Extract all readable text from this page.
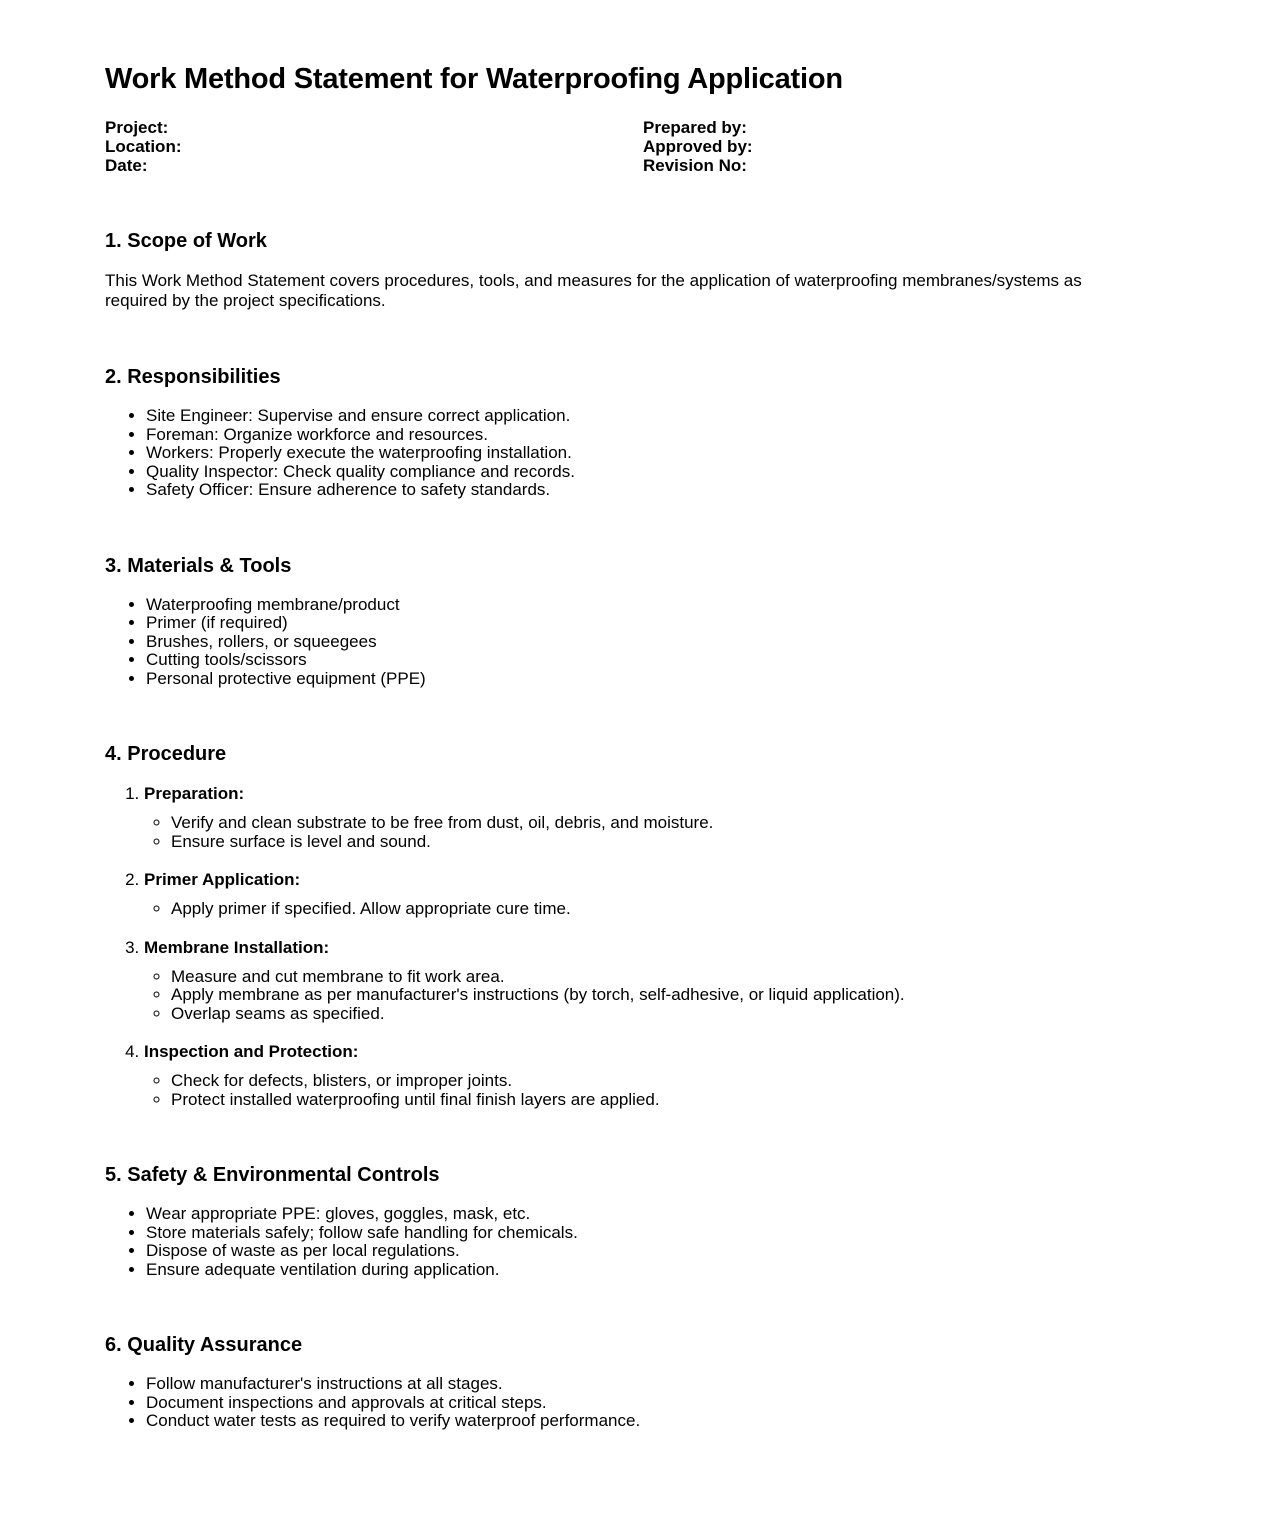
Work Method Statement for Waterproofing Application
Project:	Prepared by:
Location:	Approved by:
Date:	Revision No:
1. Scope of Work

This Work Method Statement covers procedures, tools, and measures for the application of waterproofing membranes/systems as required by the project specifications.

2. Responsibilities
• Site Engineer: Supervise and ensure correct application.
• Foreman: Organize workforce and resources.
• Workers: Properly execute the waterproofing installation.
• Quality Inspector: Check quality compliance and records.
• Safety Officer: Ensure adherence to safety standards.
3. Materials & Tools
• Waterproofing membrane/product
• Primer (if required)
• Brushes, rollers, or squeegees
• Cutting tools/scissors
• Personal protective equipment (PPE)
4. Procedure
1. Preparation:
◦ Verify and clean substrate to be free from dust, oil, debris, and moisture.
◦ Ensure surface is level and sound.
2. Primer Application:
◦ Apply primer if specified. Allow appropriate cure time.
3. Membrane Installation:
◦ Measure and cut membrane to fit work area.
◦ Apply membrane as per manufacturer's instructions (by torch, self-adhesive, or liquid application).
◦ Overlap seams as specified.
4. Inspection and Protection:
◦ Check for defects, blisters, or improper joints.
◦ Protect installed waterproofing until final finish layers are applied.
5. Safety & Environmental Controls
• Wear appropriate PPE: gloves, goggles, mask, etc.
• Store materials safely; follow safe handling for chemicals.
• Dispose of waste as per local regulations.
• Ensure adequate ventilation during application.
6. Quality Assurance
• Follow manufacturer's instructions at all stages.
• Document inspections and approvals at critical steps.
• Conduct water tests as required to verify waterproof performance.
